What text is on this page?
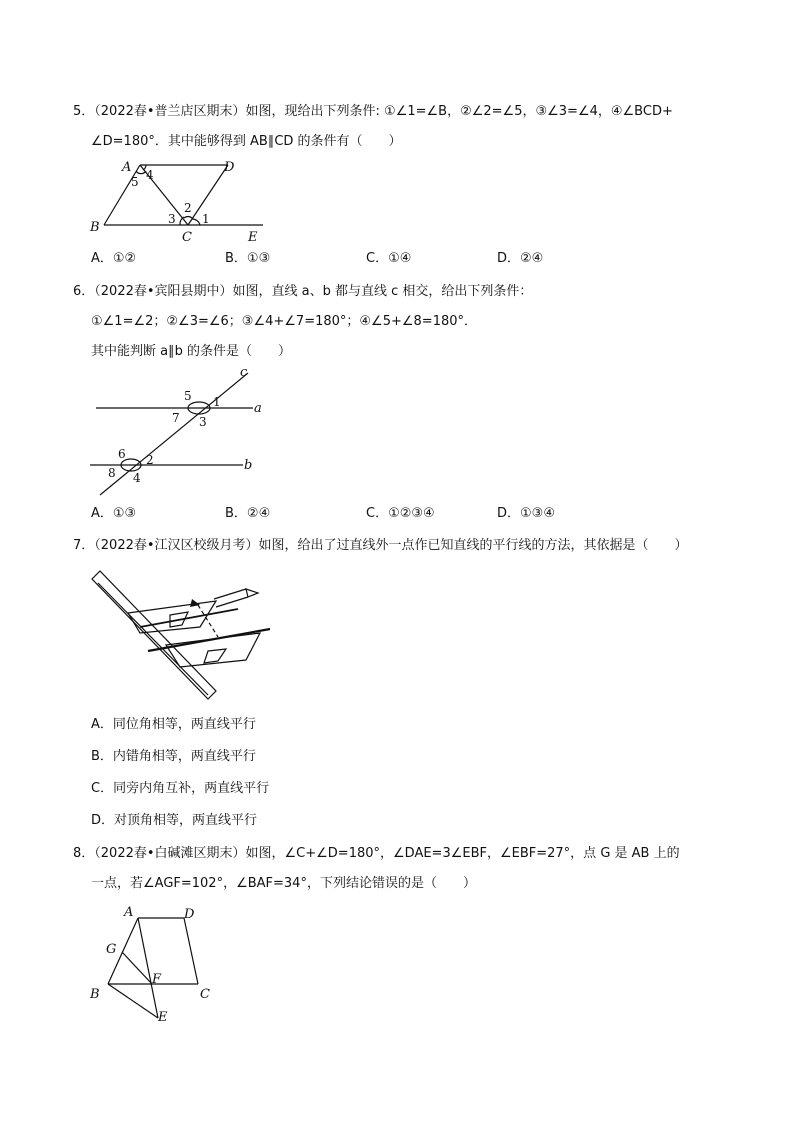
5．（2022春•普兰店区期末）如图，现给出下列条件: ①∠1=∠B，②∠2=∠5，③∠3=∠4，④∠BCD+
∠D=180°．其中能够得到 AB∥CD 的条件有（　　）
A	D
B
C	E
4
5
2
3 1
A．①②	B．①③	C．①④	D．②④
6．（2022春•宾阳县期中）如图，直线 a、b 都与直线 c 相交，给出下列条件：
①∠1=∠2；②∠3=∠6；③∠4+∠7=180°；④∠5+∠8=180°．
其中能判断 a∥b 的条件是（　　）
a
b
c
5 1
7 3
6 2
8 4
A．①③	B．②④	C．①②③④	D．①③④
7．（2022春•江汉区校级月考）如图，给出了过直线外一点作已知直线的平行线的方法，其依据是（　　）
A．同位角相等，两直线平行
B．内错角相等，两直线平行
C．同旁内角互补，两直线平行
D．对顶角相等，两直线平行
8．（2022春•白碱滩区期末）如图，∠C+∠D=180°，∠DAE=3∠EBF，∠EBF=27°，点 G 是 AB 上的
一点，若∠AGF=102°，∠BAF=34°，下列结论错误的是（　　）
A	D
G
F
B	C
E
